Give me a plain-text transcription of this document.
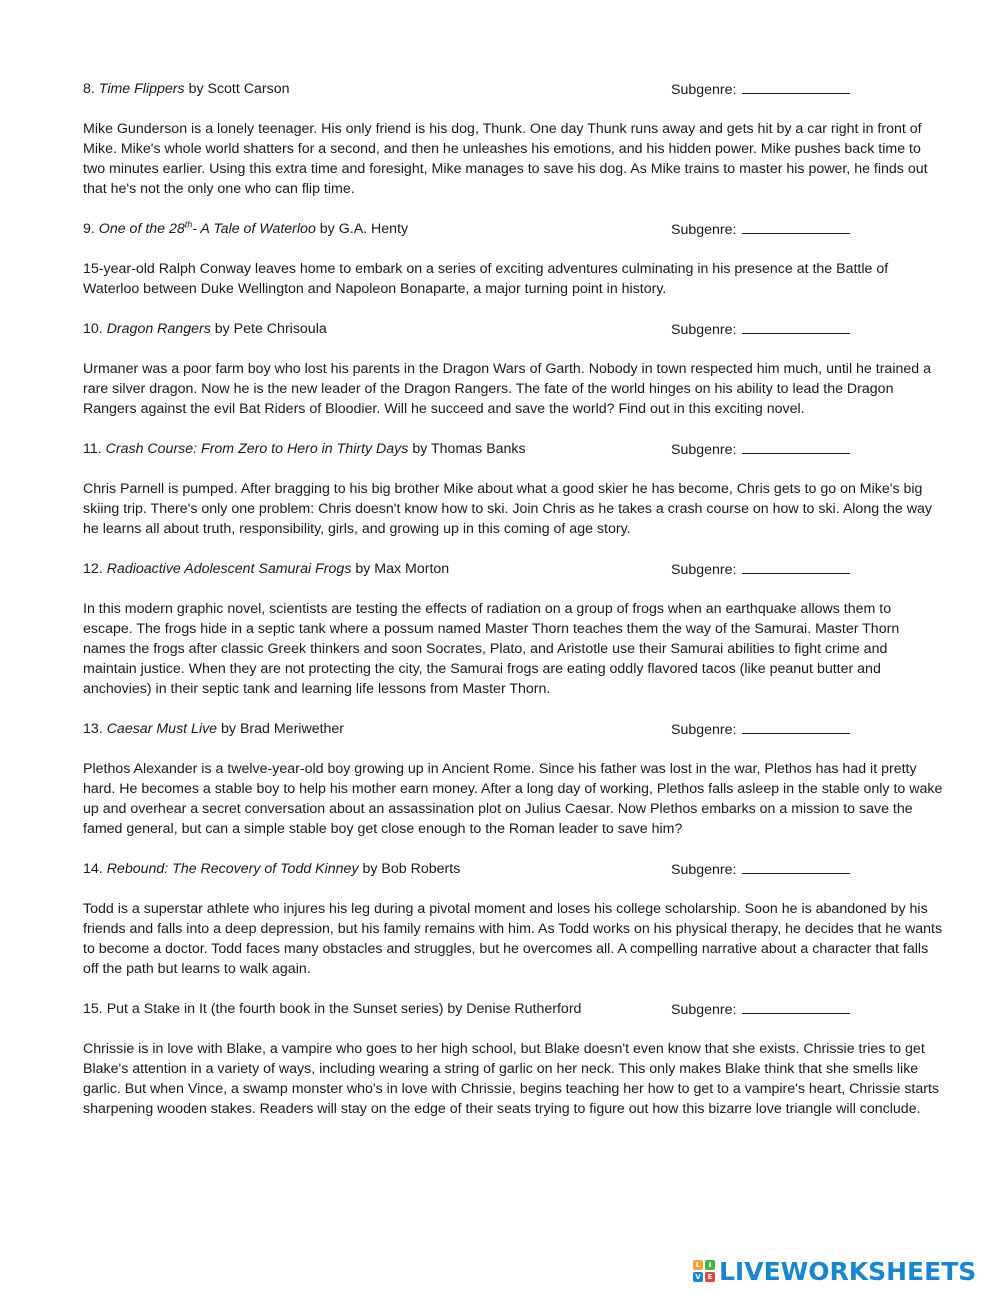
8. Time Flippers by Scott Carson	Subgenre:

Mike Gunderson is a lonely teenager. His only friend is his dog, Thunk. One day Thunk runs away and gets hit by a car right in front of Mike. Mike's whole world shatters for a second, and then he unleashes his emotions, and his hidden power. Mike pushes back time to two minutes earlier. Using this extra time and foresight, Mike manages to save his dog. As Mike trains to master his power, he finds out that he's not the only one who can flip time.

9. One of the 28th- A Tale of Waterloo by G.A. Henty	Subgenre:

15-year-old Ralph Conway leaves home to embark on a series of exciting adventures culminating in his presence at the Battle of Waterloo between Duke Wellington and Napoleon Bonaparte, a major turning point in history.

10. Dragon Rangers by Pete Chrisoula	Subgenre:

Urmaner was a poor farm boy who lost his parents in the Dragon Wars of Garth. Nobody in town respected him much, until he trained a rare silver dragon. Now he is the new leader of the Dragon Rangers. The fate of the world hinges on his ability to lead the Dragon Rangers against the evil Bat Riders of Bloodier. Will he succeed and save the world? Find out in this exciting novel.

11. Crash Course: From Zero to Hero in Thirty Days by Thomas Banks	Subgenre:

Chris Parnell is pumped. After bragging to his big brother Mike about what a good skier he has become, Chris gets to go on Mike's big skiing trip. There's only one problem: Chris doesn't know how to ski. Join Chris as he takes a crash course on how to ski. Along the way he learns all about truth, responsibility, girls, and growing up in this coming of age story.

12. Radioactive Adolescent Samurai Frogs by Max Morton	Subgenre:

In this modern graphic novel, scientists are testing the effects of radiation on a group of frogs when an earthquake allows them to escape. The frogs hide in a septic tank where a possum named Master Thorn teaches them the way of the Samurai. Master Thorn names the frogs after classic Greek thinkers and soon Socrates, Plato, and Aristotle use their Samurai abilities to fight crime and maintain justice. When they are not protecting the city, the Samurai frogs are eating oddly flavored tacos (like peanut butter and anchovies) in their septic tank and learning life lessons from Master Thorn.

13. Caesar Must Live by Brad Meriwether	Subgenre:

Plethos Alexander is a twelve-year-old boy growing up in Ancient Rome. Since his father was lost in the war, Plethos has had it pretty hard. He becomes a stable boy to help his mother earn money. After a long day of working, Plethos falls asleep in the stable only to wake up and overhear a secret conversation about an assassination plot on Julius Caesar. Now Plethos embarks on a mission to save the famed general, but can a simple stable boy get close enough to the Roman leader to save him?

14. Rebound: The Recovery of Todd Kinney by Bob Roberts	Subgenre:

Todd is a superstar athlete who injures his leg during a pivotal moment and loses his college scholarship. Soon he is abandoned by his friends and falls into a deep depression, but his family remains with him. As Todd works on his physical therapy, he decides that he wants to become a doctor. Todd faces many obstacles and struggles, but he overcomes all. A compelling narrative about a character that falls off the path but learns to walk again.

15. Put a Stake in It (the fourth book in the Sunset series) by Denise Rutherford	Subgenre:

Chrissie is in love with Blake, a vampire who goes to her high school, but Blake doesn't even know that she exists. Chrissie tries to get Blake's attention in a variety of ways, including wearing a string of garlic on her neck. This only makes Blake think that she smells like garlic. But when Vince, a swamp monster who's in love with Chrissie, begins teaching her how to get to a vampire's heart, Chrissie starts sharpening wooden stakes. Readers will stay on the edge of their seats trying to figure out how this bizarre love triangle will conclude.

L	I
V E LIVEWORKSHEETS
